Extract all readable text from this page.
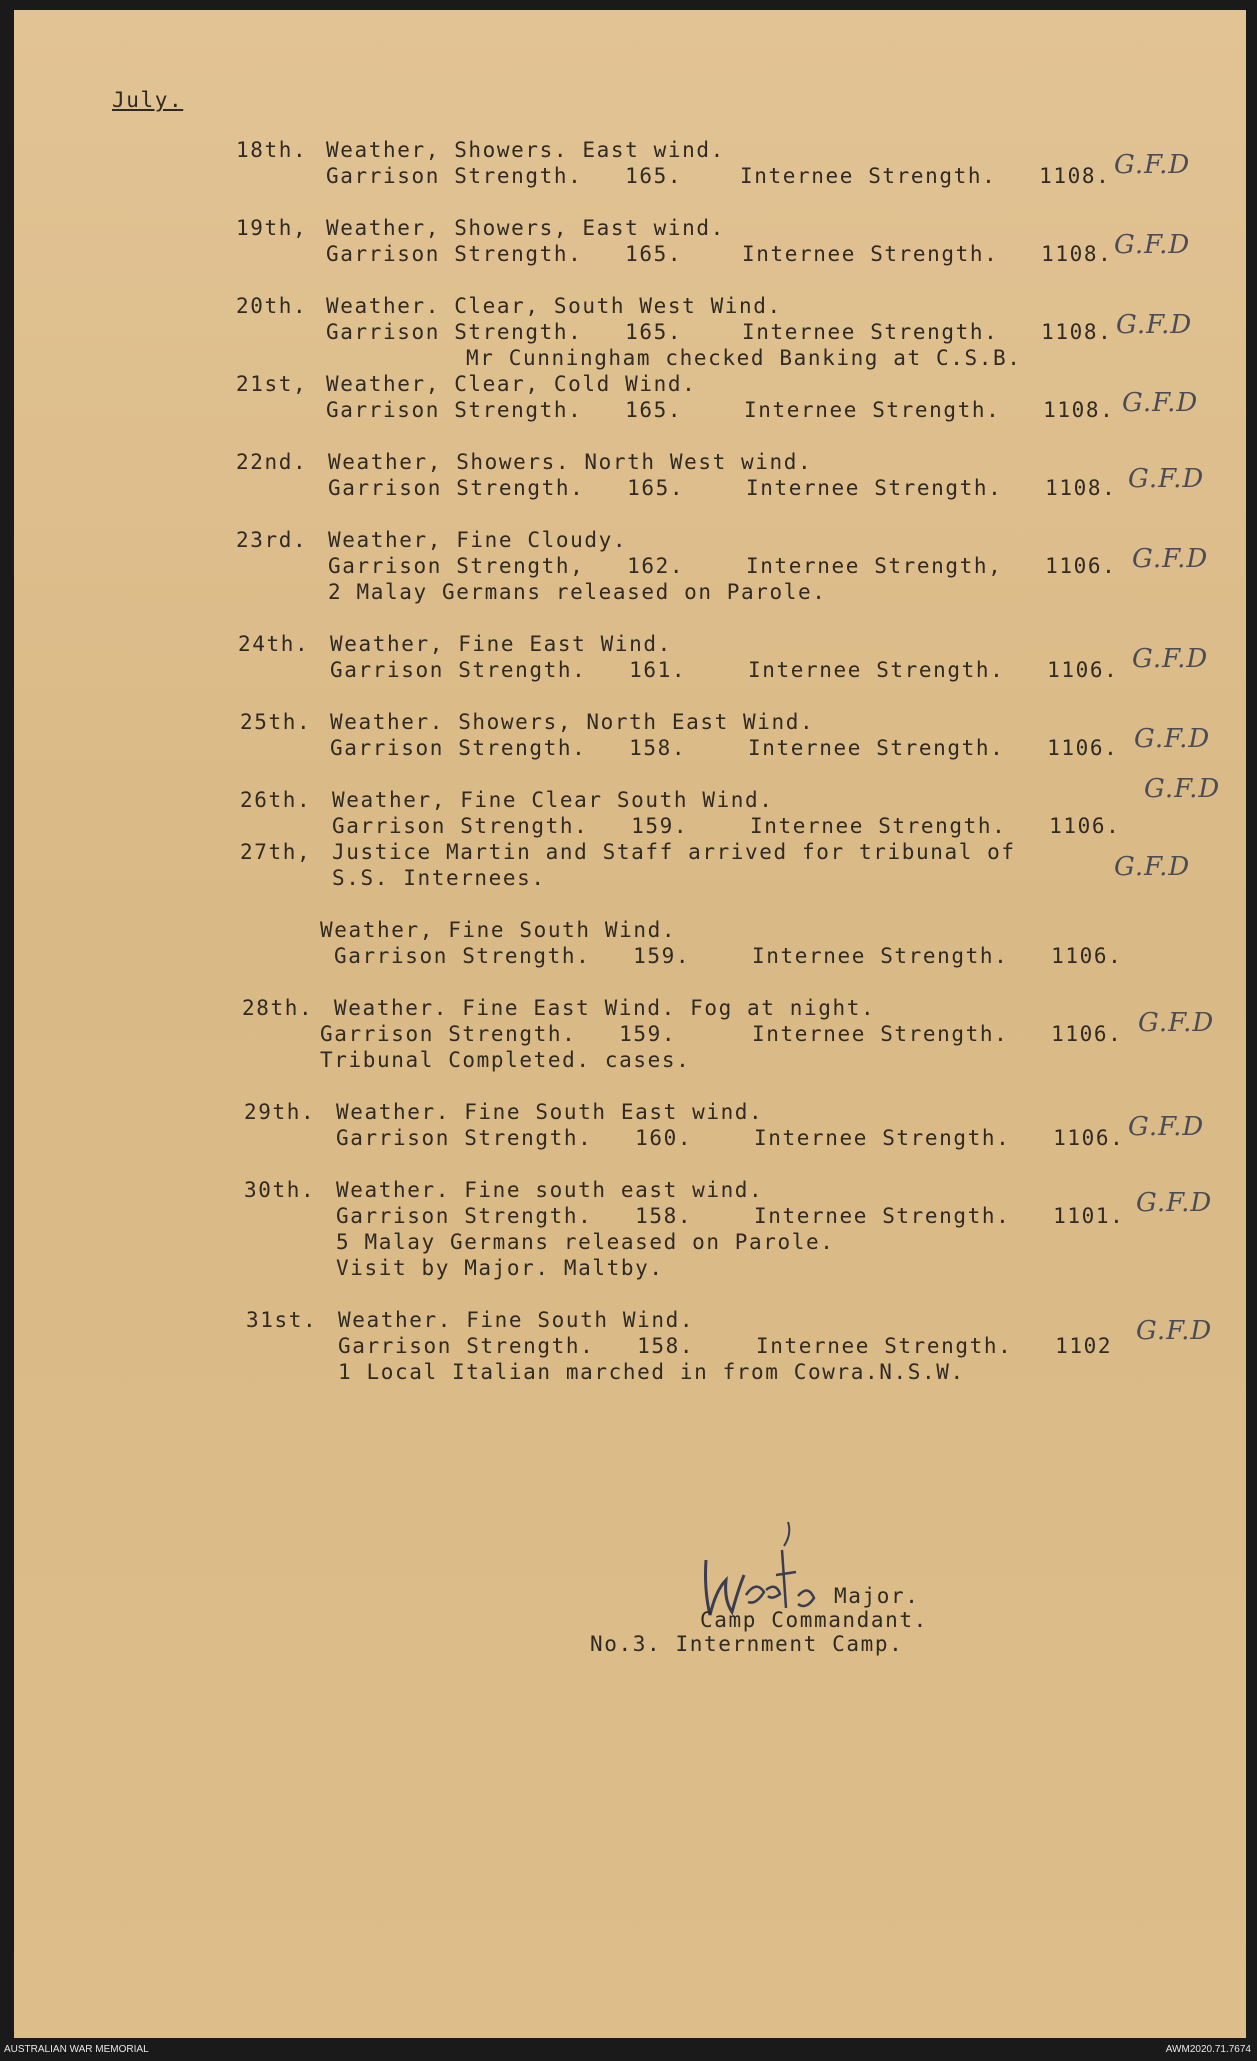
July.
18th. Weather, Showers. East wind.
Garrison Strength.   165.	Internee Strength.   1108. G.F.D
19th, Weather, Showers, East wind.
Garrison Strength.   165.	Internee Strength.   1108. G.F.D
20th. Weather. Clear, South West Wind.
Garrison Strength.   165.	Internee Strength.   1108. G.F.D
Mr Cunningham checked Banking at C.S.B.
21st, Weather, Clear, Cold Wind.
Garrison Strength.   165.	Internee Strength.   1108. G.F.D
22nd. Weather, Showers. North West wind.
Garrison Strength.   165.	Internee Strength.   1108. G.F.D
23rd. Weather, Fine Cloudy.
Garrison Strength,   162.	Internee Strength,   1106. G.F.D
2 Malay Germans released on Parole.
24th. Weather, Fine East Wind.
Garrison Strength.   161.	Internee Strength.   1106. G.F.D
25th. Weather. Showers, North East Wind.
Garrison Strength.   158.	Internee Strength.   1106. G.F.D
26th. Weather, Fine Clear South Wind.
Garrison Strength.   159.	Internee Strength.   1106.
G.F.D
27th, Justice Martin and Staff arrived for tribunal of
S.S. Internees.	G.F.D
Weather, Fine South Wind.
Garrison Strength.   159.	Internee Strength.   1106.
28th. Weather. Fine East Wind. Fog at night.
Garrison Strength.   159.	Internee Strength.   1106. G.F.D
Tribunal Completed. cases.
29th. Weather. Fine South East wind.
Garrison Strength.   160.	Internee Strength.   1106. G.F.D
30th. Weather. Fine south east wind.
Garrison Strength.   158.	Internee Strength.   1101. G.F.D
5 Malay Germans released on Parole.
Visit by Major. Maltby.
31st. Weather. Fine South Wind.
Garrison Strength.   158.	Internee Strength.   1102 G.F.D
1 Local Italian marched in from Cowra.N.S.W.
Major.
Camp Commandant.
No.3. Internment Camp.
AUSTRALIAN WAR MEMORIAL	AWM2020.71.7674
